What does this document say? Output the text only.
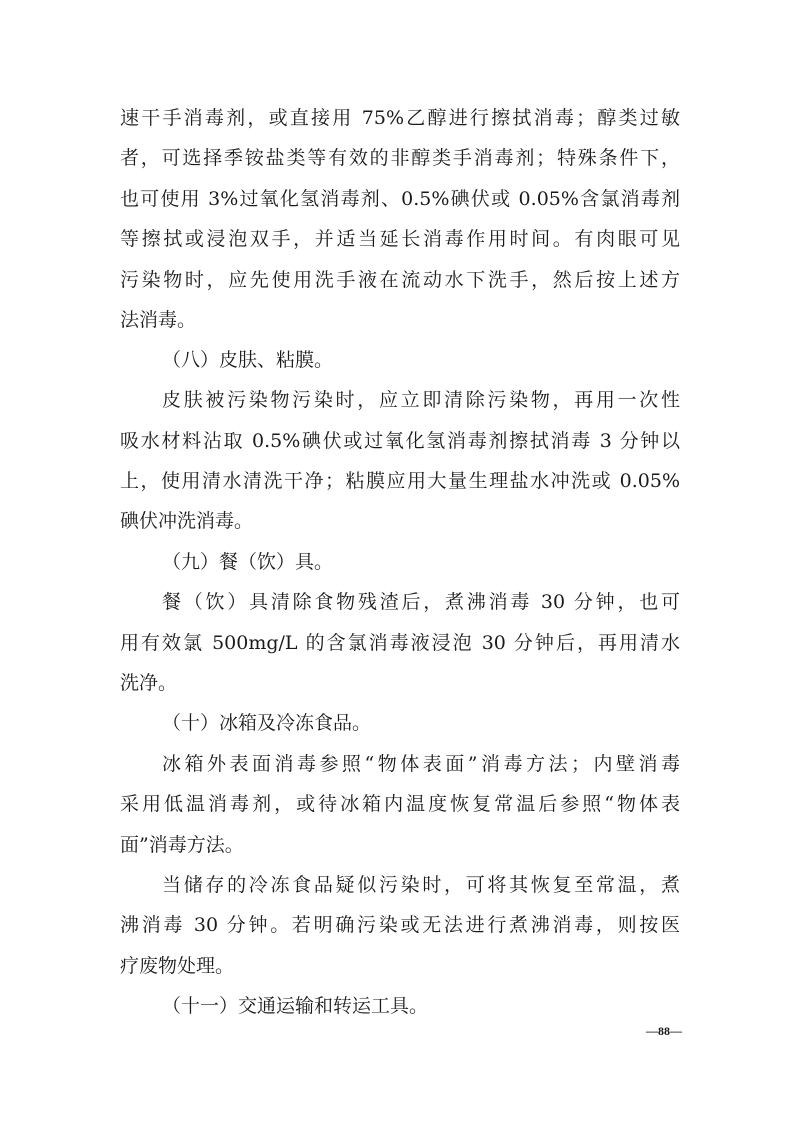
速干手消毒剂，或直接用 75%乙醇进行擦拭消毒；醇类过敏
者，可选择季铵盐类等有效的非醇类手消毒剂；特殊条件下，
也可使用 3%过氧化氢消毒剂、0.5%碘伏或 0.05%含氯消毒剂
等擦拭或浸泡双手，并适当延长消毒作用时间。有肉眼可见
污染物时，应先使用洗手液在流动水下洗手，然后按上述方
法消毒。
（八）皮肤、粘膜。
皮肤被污染物污染时，应立即清除污染物，再用一次性
吸水材料沾取 0.5%碘伏或过氧化氢消毒剂擦拭消毒 3 分钟以
上，使用清水清洗干净；粘膜应用大量生理盐水冲洗或 0.05%
碘伏冲洗消毒。
（九）餐（饮）具。
餐（饮）具清除食物残渣后，煮沸消毒 30 分钟，也可
用有效氯 500mg/L 的含氯消毒液浸泡 30 分钟后，再用清水
洗净。
（十）冰箱及冷冻食品。
冰箱外表面消毒参照“物体表面”消毒方法；内壁消毒
采用低温消毒剂，或待冰箱内温度恢复常温后参照“物体表
面”消毒方法。
当储存的冷冻食品疑似污染时，可将其恢复至常温，煮
沸消毒 30 分钟。若明确污染或无法进行煮沸消毒，则按医
疗废物处理。
（十一）交通运输和转运工具。
—88—
